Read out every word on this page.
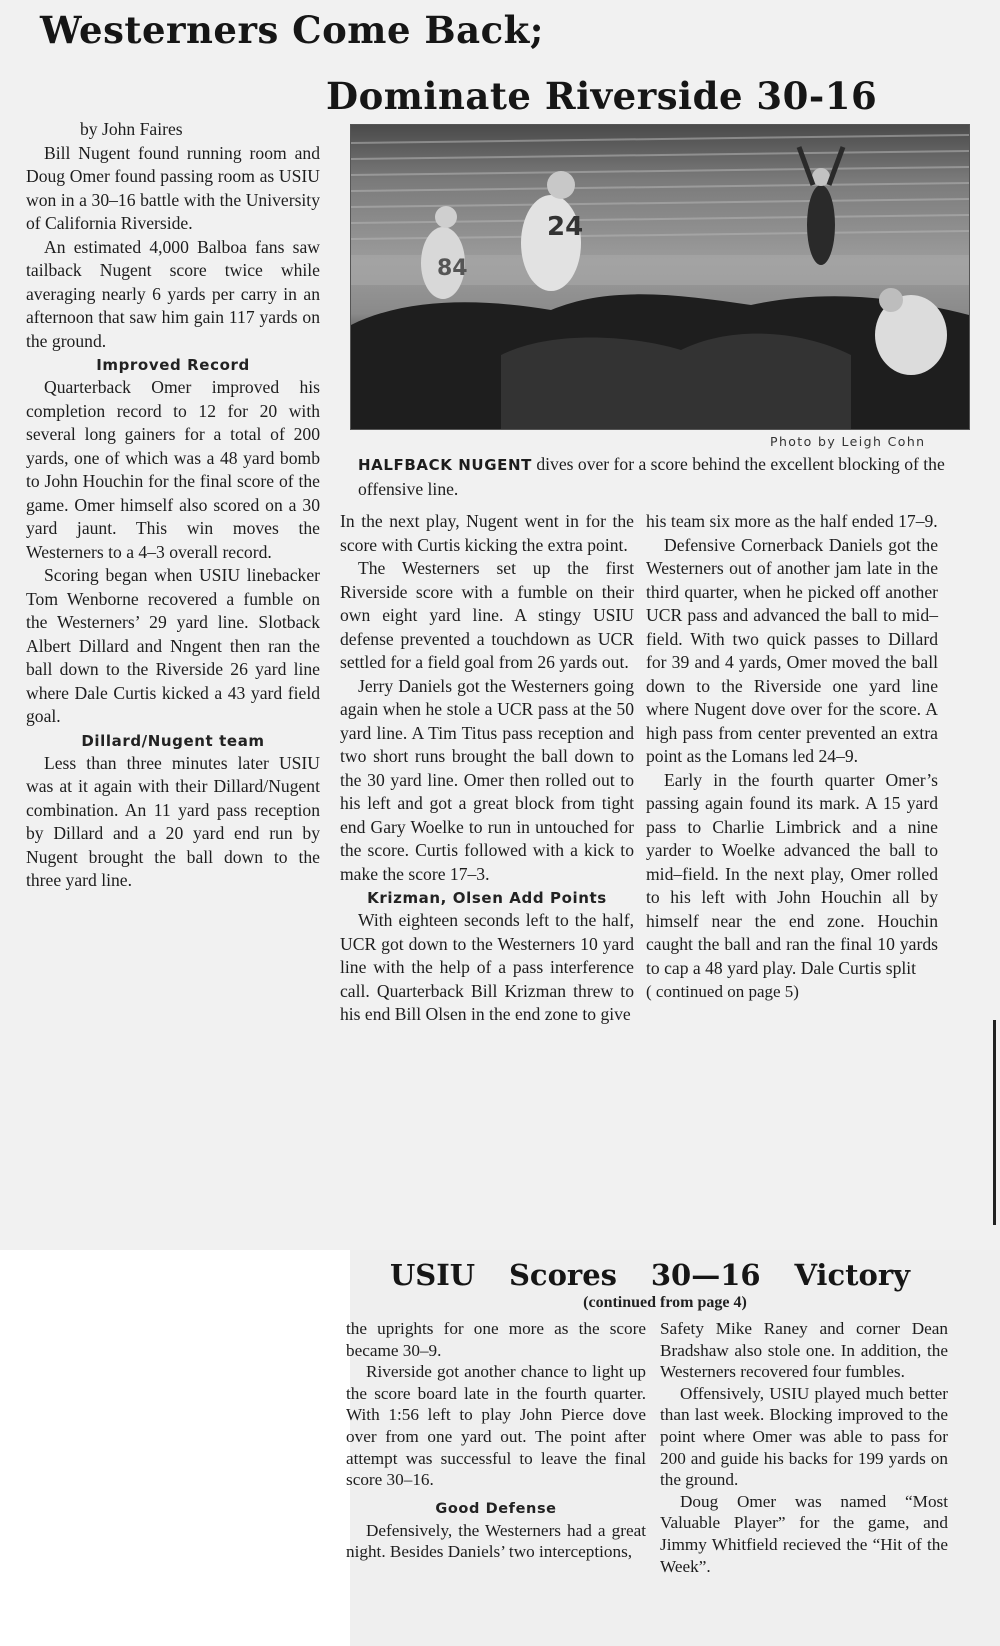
Westerners Come Back;
Dominate Riverside 30-16

by John Faires

Bill Nugent found running room and Doug Omer found passing room as USIU won in a 30–16 battle with the University of California Riverside.

An estimated 4,000 Balboa fans saw tailback Nugent score twice while averaging nearly 6 yards per carry in an afternoon that saw him gain 117 yards on the ground.

Improved Record

Quarterback Omer improved his completion record to 12 for 20 with several long gainers for a total of 200 yards, one of which was a 48 yard bomb to John Houchin for the final score of the game. Omer himself also scored on a 30 yard jaunt. This win moves the Westerners to a 4–3 overall record.

Scoring began when USIU linebacker Tom Wenborne recovered a fumble on the Westerners’ 29 yard line. Slotback Albert Dillard and Nngent then ran the ball down to the Riverside 26 yard line where Dale Curtis kicked a 43 yard field goal.

Dillard/Nugent team

Less than three minutes later USIU was at it again with their Dillard/Nugent combination. An 11 yard pass reception by Dillard and a 20 yard end run by Nugent brought the ball down to the three yard line.

84
24
Photo by Leigh Cohn
HALFBACK NUGENT dives over for a score behind the excellent blocking of the offensive line.

In the next play, Nugent went in for the score with Curtis kicking the extra point.

The Westerners set up the first Riverside score with a fumble on their own eight yard line. A stingy USIU defense prevented a touchdown as UCR settled for a field goal from 26 yards out.

Jerry Daniels got the Westerners going again when he stole a UCR pass at the 50 yard line. A Tim Titus pass reception and two short runs brought the ball down to the 30 yard line. Omer then rolled out to his left and got a great block from tight end Gary Woelke to run in untouched for the score. Curtis followed with a kick to make the score 17–3.

Krizman, Olsen Add Points

With eighteen seconds left to the half, UCR got down to the Westerners 10 yard line with the help of a pass interference call. Quarterback Bill Krizman threw to his end Bill Olsen in the end zone to give

his team six more as the half ended 17–9.

Defensive Cornerback Daniels got the Westerners out of another jam late in the third quarter, when he picked off another UCR pass and advanced the ball to mid–field. With two quick passes to Dillard for 39 and 4 yards, Omer moved the ball down to the Riverside one yard line where Nugent dove over for the score. A high pass from center prevented an extra point as the Lomans led 24–9.

Early in the fourth quarter Omer’s passing again found its mark. A 15 yard pass to Charlie Limbrick and a nine yarder to Woelke advanced the ball to mid–field. In the next play, Omer rolled to his left with John Houchin all by himself near the end zone. Houchin caught the ball and ran the final 10 yards to cap a 48 yard play. Dale Curtis split

( continued on page 5)

USIU Scores 30—16 Victory
(continued from page 4)

the uprights for one more as the score became 30–9.

Riverside got another chance to light up the score board late in the fourth quarter. With 1:56 left to play John Pierce dove over from one yard out. The point after attempt was successful to leave the final score 30–16.

Good Defense

Defensively, the Westerners had a great night. Besides Daniels’ two interceptions,

Safety Mike Raney and corner Dean Bradshaw also stole one. In addition, the Westerners recovered four fumbles.

Offensively, USIU played much better than last week. Blocking improved to the point where Omer was able to pass for 200 and guide his backs for 199 yards on the ground.

Doug Omer was named “Most Valuable Player” for the game, and Jimmy Whitfield recieved the “Hit of the Week”.
